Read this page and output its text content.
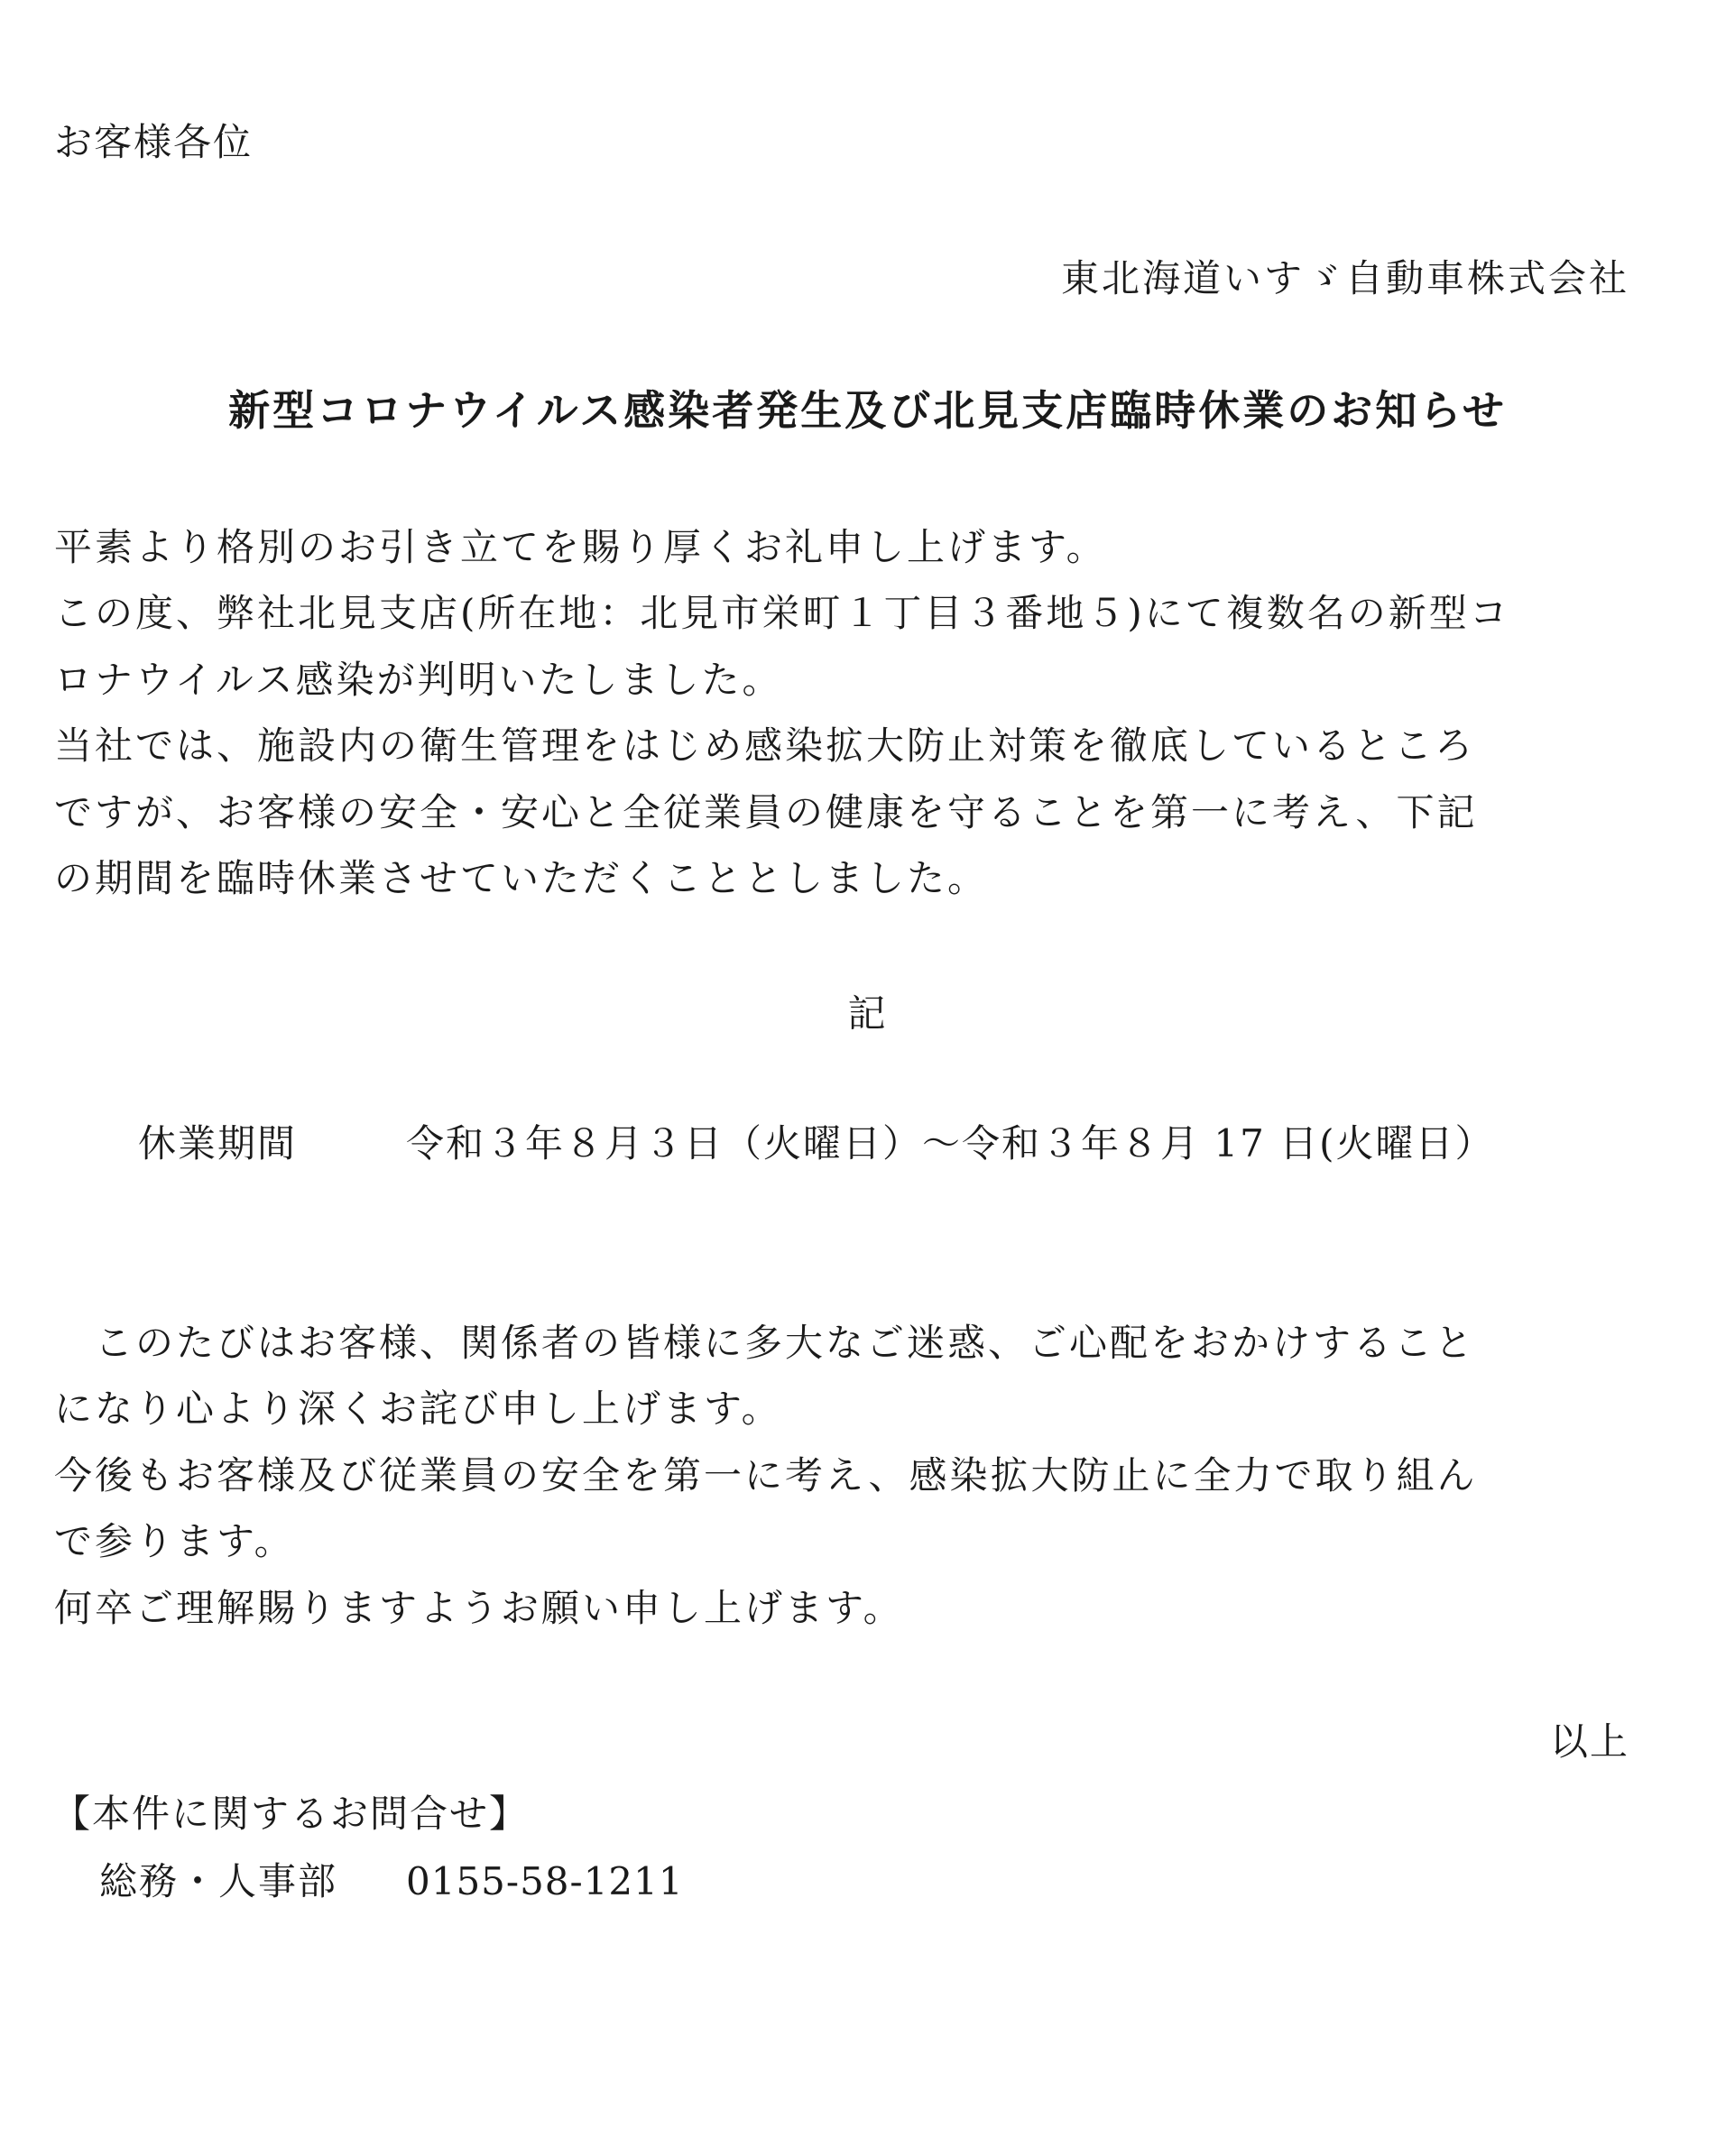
お客様各位
東北海道いすゞ自動車株式会社
新型コロナウイルス感染者発生及び北見支店臨時休業のお知らせ
平素より格別のお引き立てを賜り厚くお礼申し上げます。
この度、弊社北見支店(所在地：北見市栄町１丁目３番地５)にて複数名の新型コ
ロナウイルス感染が判明いたしました。
当社では、施設内の衛生管理をはじめ感染拡大防止対策を徹底しているところ
ですが、お客様の安全・安心と全従業員の健康を守ることを第一に考え、下記
の期間を臨時休業させていただくこととしました。
記
休業期間	令和３年８月３日（火曜日）～令和３年８月 17 日(火曜日）
　このたびはお客様、関係者の皆様に多大なご迷惑、ご心配をおかけすること
になり心より深くお詫び申し上げます。
今後もお客様及び従業員の安全を第一に考え、感染拡大防止に全力で取り組ん
で参ります。
何卒ご理解賜りますようお願い申し上げます。
以上
【本件に関するお問合せ】
総務・人事部 0155-58-1211
